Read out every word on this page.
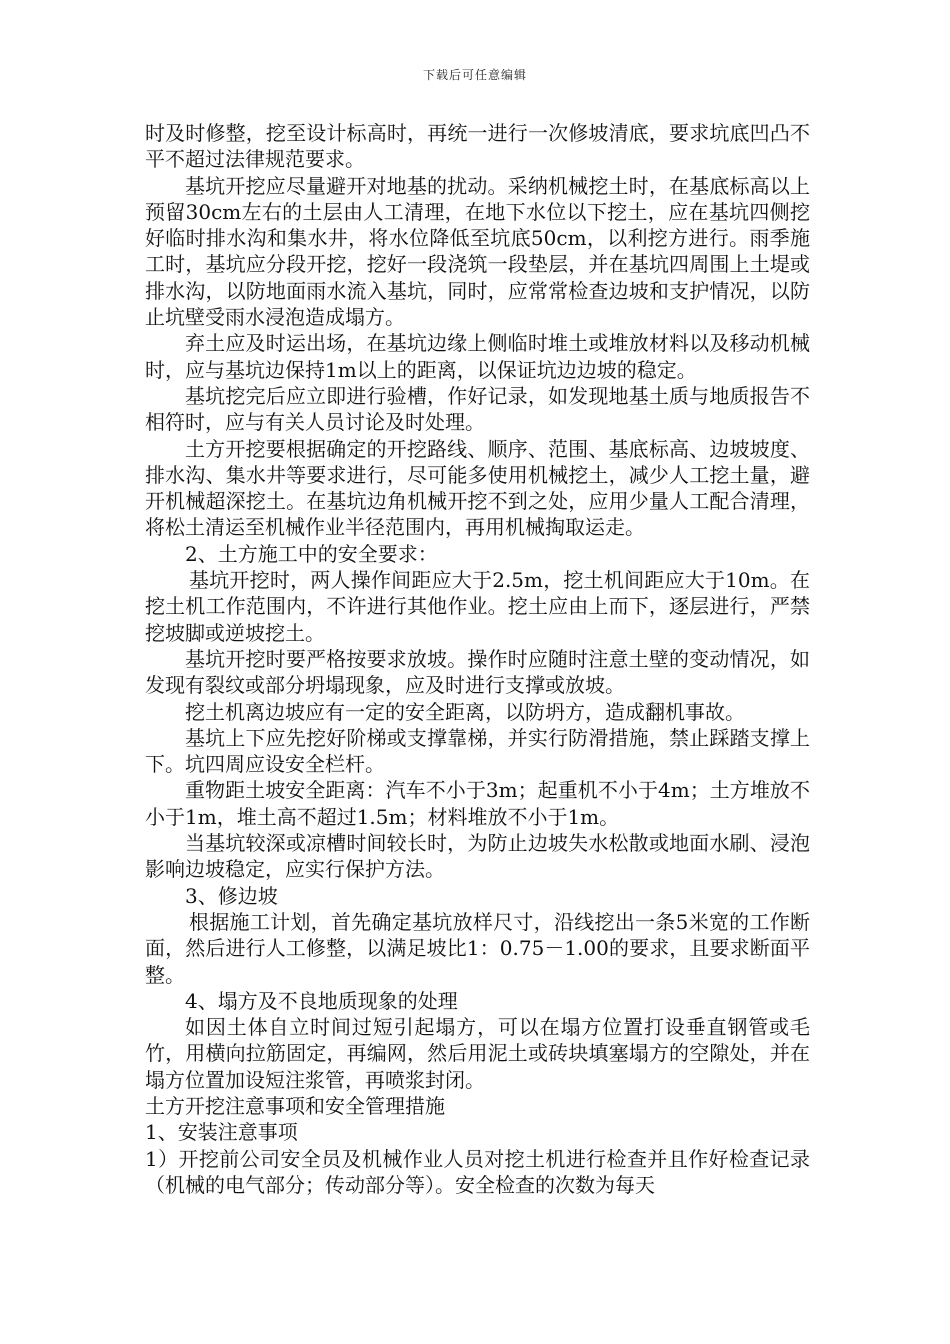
下载后可任意编辑

时及时修整，挖至设计标高时，再统一进行一次修坡清底，要求坑底凹凸不平不超过法律规范要求。

基坑开挖应尽量避开对地基的扰动。采纳机械挖土时，在基底标高以上预留30cm左右的土层由人工清理，在地下水位以下挖土，应在基坑四侧挖好临时排水沟和集水井，将水位降低至坑底50cm，以利挖方进行。雨季施工时，基坑应分段开挖，挖好一段浇筑一段垫层，并在基坑四周围上土堤或排水沟，以防地面雨水流入基坑，同时，应常常检查边坡和支护情况，以防止坑壁受雨水浸泡造成塌方。

弃土应及时运出场，在基坑边缘上侧临时堆土或堆放材料以及移动机械时，应与基坑边保持1m以上的距离，以保证坑边边坡的稳定。

基坑挖完后应立即进行验槽，作好记录，如发现地基土质与地质报告不相符时，应与有关人员讨论及时处理。

土方开挖要根据确定的开挖路线、顺序、范围、基底标高、边坡坡度、排水沟、集水井等要求进行，尽可能多使用机械挖土，减少人工挖土量，避开机械超深挖土。在基坑边角机械开挖不到之处，应用少量人工配合清理，将松土清运至机械作业半径范围内，再用机械掏取运走。

2、土方施工中的安全要求：

基坑开挖时，两人操作间距应大于2.5m，挖土机间距应大于10m。在挖土机工作范围内，不许进行其他作业。挖土应由上而下，逐层进行，严禁挖坡脚或逆坡挖土。

基坑开挖时要严格按要求放坡。操作时应随时注意土壁的变动情况，如发现有裂纹或部分坍塌现象，应及时进行支撑或放坡。

挖土机离边坡应有一定的安全距离，以防坍方，造成翻机事故。

基坑上下应先挖好阶梯或支撑靠梯，并实行防滑措施，禁止踩踏支撑上下。坑四周应设安全栏杆。

重物距土坡安全距离：汽车不小于3m；起重机不小于4m；土方堆放不小于1m，堆土高不超过1.5m；材料堆放不小于1m。

当基坑较深或凉槽时间较长时，为防止边坡失水松散或地面水刷、浸泡影响边坡稳定，应实行保护方法。

3、修边坡

根据施工计划，首先确定基坑放样尺寸，沿线挖出一条5米宽的工作断面，然后进行人工修整，以满足坡比1：0.75－1.00的要求，且要求断面平整。

4、塌方及不良地质现象的处理

如因土体自立时间过短引起塌方，可以在塌方位置打设垂直钢管或毛竹，用横向拉筋固定，再编网，然后用泥土或砖块填塞塌方的空隙处，并在塌方位置加设短注浆管，再喷浆封闭。

土方开挖注意事项和安全管理措施

1、安装注意事项

1）开挖前公司安全员及机械作业人员对挖土机进行检查并且作好检查记录（机械的电气部分；传动部分等）。安全检查的次数为每天
